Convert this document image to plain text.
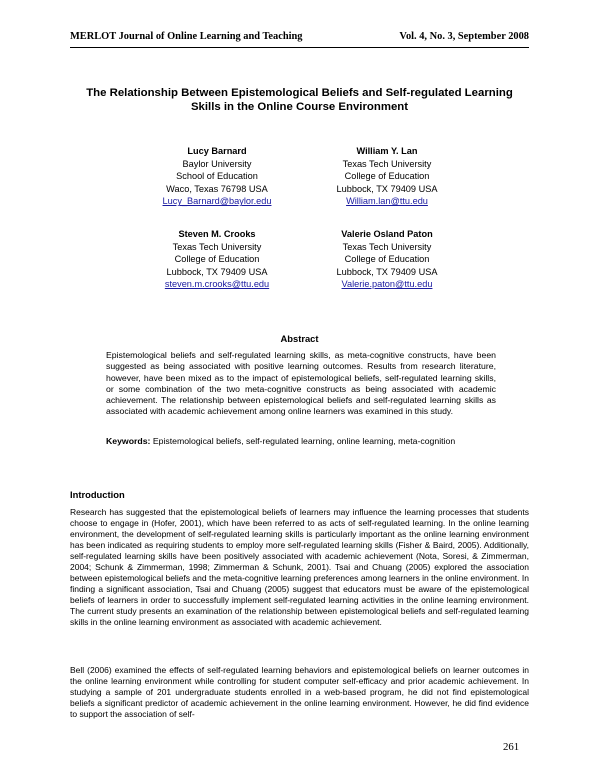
MERLOT Journal of Online Learning and Teaching	Vol. 4, No. 3, September 2008
The Relationship Between Epistemological Beliefs and Self-regulated Learning Skills in the Online Course Environment
Lucy Barnard
Baylor University
School of Education
Waco, Texas 76798 USA
Lucy_Barnard@baylor.edu
William Y. Lan
Texas Tech University
College of Education
Lubbock, TX 79409 USA
William.lan@ttu.edu
Steven M. Crooks
Texas Tech University
College of Education
Lubbock, TX 79409 USA
steven.m.crooks@ttu.edu
Valerie Osland Paton
Texas Tech University
College of Education
Lubbock, TX 79409 USA
Valerie.paton@ttu.edu
Abstract

Epistemological beliefs and self-regulated learning skills, as meta-cognitive constructs, have been suggested as being associated with positive learning outcomes. Results from research literature, however, have been mixed as to the impact of epistemological beliefs, self-regulated learning skills, or some combination of the two meta-cognitive constructs as being associated with academic achievement. The relationship between epistemological beliefs and self-regulated learning skills as associated with academic achievement among online learners was examined in this study.

Keywords: Epistemological beliefs, self-regulated learning, online learning, meta-cognition

Introduction

Research has suggested that the epistemological beliefs of learners may influence the learning processes that students choose to engage in (Hofer, 2001), which have been referred to as acts of self-regulated learning. In the online learning environment, the development of self-regulated learning skills is particularly important as the online learning environment has been indicated as requiring students to employ more self-regulated learning skills (Fisher & Baird, 2005). Additionally, self-regulated learning skills have been positively associated with academic achievement (Nota, Soresi, & Zimmerman, 2004; Schunk & Zimmerman, 1998; Zimmerman & Schunk, 2001). Tsai and Chuang (2005) explored the association between epistemological beliefs and the meta-cognitive learning preferences among learners in the online environment. In finding a significant association, Tsai and Chuang (2005) suggest that educators must be aware of the epistemological beliefs of learners in order to successfully implement self-regulated learning activities in the online learning environment. The current study presents an examination of the relationship between epistemological beliefs and self-regulated learning skills in the online learning environment as associated with academic achievement.

Bell (2006) examined the effects of self-regulated learning behaviors and epistemological beliefs on learner outcomes in the online learning environment while controlling for student computer self-efficacy and prior academic achievement. In studying a sample of 201 undergraduate students enrolled in a web-based program, he did not find epistemological beliefs a significant predictor of academic achievement in the online learning environment. However, he did find evidence to support the association of self-

261
